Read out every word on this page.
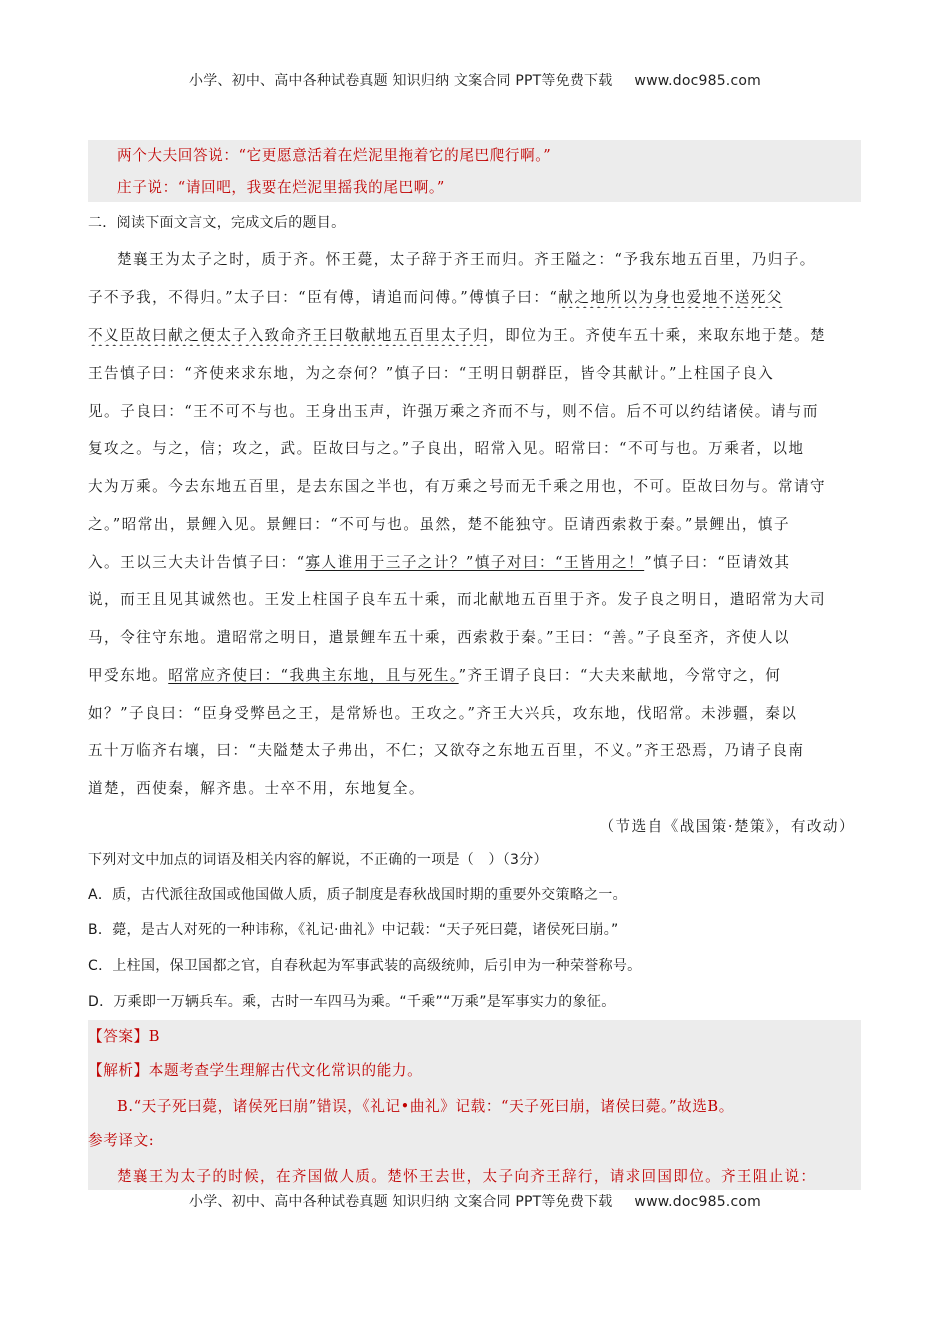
小学、初中、高中各种试卷真题 知识归纳 文案合同 PPT等免费下载 www.doc985.com
两个大夫回答说：“它更愿意活着在烂泥里拖着它的尾巴爬行啊。”
庄子说：“请回吧，我要在烂泥里摇我的尾巴啊。”
二．阅读下面文言文，完成文后的题目。
楚襄王为太子之时，质于齐。怀王薨，太子辞于齐王而归。齐王隘之：“予我东地五百里，乃归子。
子不予我，不得归。”太子曰：“臣有傅，请追而问傅。”傅慎子曰：“献之地所以为身也爱地不送死父
不义臣故曰献之便太子入致命齐王曰敬献地五百里太子归，即位为王。齐使车五十乘，来取东地于楚。楚
王告慎子曰：“齐使来求东地，为之奈何？”慎子曰：“王明日朝群臣，皆令其献计。”上柱国子良入
见。子良曰：“王不可不与也。王身出玉声，许强万乘之齐而不与，则不信。后不可以约结诸侯。请与而
复攻之。与之，信；攻之，武。臣故曰与之。”子良出，昭常入见。昭常曰：“不可与也。万乘者，以地
大为万乘。今去东地五百里，是去东国之半也，有万乘之号而无千乘之用也，不可。臣故曰勿与。常请守
之。”昭常出，景鲤入见。景鲤曰：“不可与也。虽然，楚不能独守。臣请西索救于秦。”景鲤出，慎子
入。王以三大夫计告慎子曰：“寡人谁用于三子之计？”慎子对曰：“王皆用之！”慎子曰：“臣请效其
说，而王且见其诚然也。王发上柱国子良车五十乘，而北献地五百里于齐。发子良之明日，遣昭常为大司
马，令往守东地。遣昭常之明日，遣景鲤车五十乘，西索救于秦。”王曰：“善。”子良至齐，齐使人以
甲受东地。昭常应齐使曰：“我典主东地，且与死生。”齐王谓子良曰：“大夫来献地，今常守之，何
如？”子良曰：“臣身受弊邑之王，是常矫也。王攻之。”齐王大兴兵，攻东地，伐昭常。未涉疆，秦以
五十万临齐右壤，曰：“夫隘楚太子弗出，不仁；又欲夺之东地五百里，不义。”齐王恐焉，乃请子良南
道楚，西使秦，解齐患。士卒不用，东地复全。
（节选自《战国策·楚策》，有改动）
下列对文中加点的词语及相关内容的解说，不正确的一项是（　）（3分）
A．质，古代派往敌国或他国做人质，质子制度是春秋战国时期的重要外交策略之一。
B．薨，是古人对死的一种讳称，《礼记·曲礼》中记载：“天子死曰薨，诸侯死曰崩。”
C．上柱国，保卫国都之官，自春秋起为军事武装的高级统帅，后引申为一种荣誉称号。
D．万乘即一万辆兵车。乘，古时一车四马为乘。“千乘”“万乘”是军事实力的象征。
【答案】B
【解析】本题考查学生理解古代文化常识的能力。
B.“天子死曰薨，诸侯死曰崩”错误，《礼记•曲礼》记载：“天子死曰崩，诸侯曰薨。”故选B。
参考译文:
楚襄王为太子的时候，在齐国做人质。楚怀王去世，太子向齐王辞行，请求回国即位。齐王阻止说：
小学、初中、高中各种试卷真题 知识归纳 文案合同 PPT等免费下载 www.doc985.com
